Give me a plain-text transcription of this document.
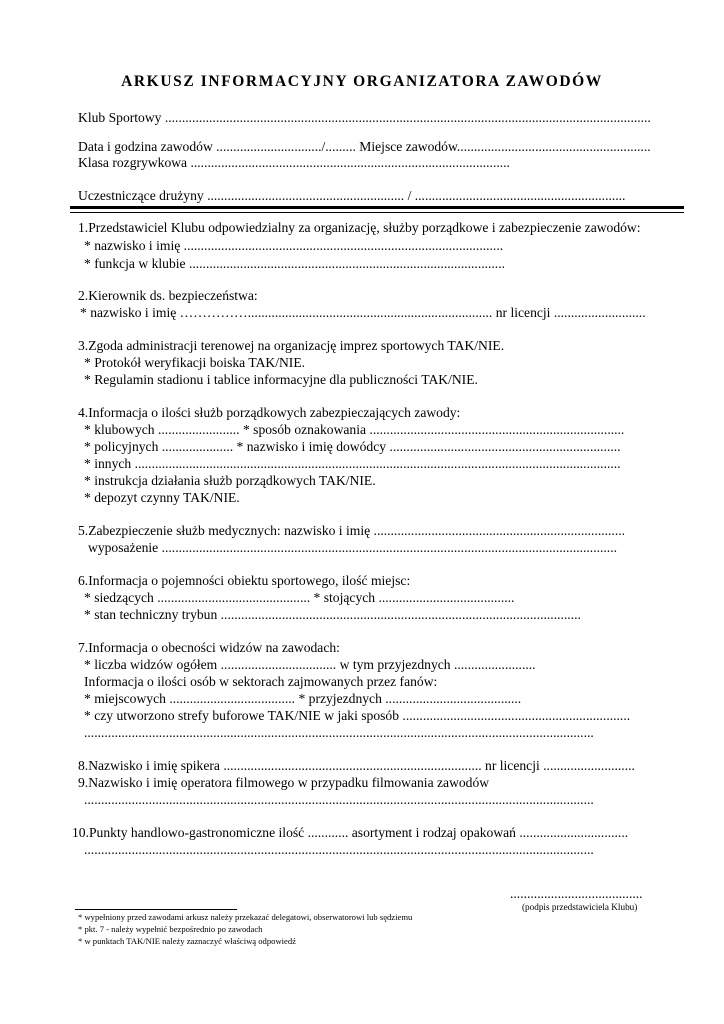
ARKUSZ INFORMACYJNY ORGANIZATORA ZAWODÓW
Klub Sportowy ...............................................................................................................................................
Data i godzina zawodów .............................../......... Miejsce zawodów.........................................................
Klasa rozgrywkowa ..............................................................................................
Uczestniczące drużyny .......................................................... / ..............................................................
1.Przedstawiciel Klubu odpowiedzialny za organizację, służby porządkowe i zabezpieczenie zawodów:
* nazwisko i imię ..............................................................................................
* funkcja w klubie .............................................................................................
2.Kierownik ds. bezpieczeństwa:
* nazwisko i imię ……………........................................................................ nr licencji ...........................
3.Zgoda administracji terenowej na organizację imprez sportowych TAK/NIE.
* Protokół weryfikacji boiska TAK/NIE.
* Regulamin stadionu i tablice informacyjne dla publiczności TAK/NIE.
4.Informacja o ilości służb porządkowych zabezpieczających zawody:
* klubowych ........................ * sposób oznakowania ...........................................................................
* policyjnych ..................... * nazwisko i imię dowódcy ....................................................................
* innych ...............................................................................................................................................
* instrukcja działania służb porządkowych TAK/NIE.
* depozyt czynny TAK/NIE.
5.Zabezpieczenie służb medycznych: nazwisko i imię ..........................................................................
wyposażenie ......................................................................................................................................
6.Informacja o pojemności obiektu sportowego, ilość miejsc:
* siedzących ............................................. * stojących ........................................
* stan techniczny trybun ..........................................................................................................
7.Informacja o obecności widzów na zawodach:
* liczba widzów ogółem .................................. w tym przyjezdnych ........................
Informacja o ilości osób w sektorach zajmowanych przez fanów:
* miejscowych ..................................... * przyjezdnych ........................................
* czy utworzono strefy buforowe TAK/NIE w jaki sposób ...................................................................
......................................................................................................................................................
8.Nazwisko i imię spikera ............................................................................ nr licencji ...........................
9.Nazwisko i imię operatora filmowego w przypadku filmowania zawodów
......................................................................................................................................................
10.Punkty handlowo-gastronomiczne ilość ............ asortyment i rodzaj opakowań ................................
......................................................................................................................................................
.......................................
(podpis przedstawiciela Klubu)
* wypełniony przed zawodami arkusz należy przekazać delegatowi, obserwatorowi lub sędziemu
* pkt. 7 - należy wypełnić bezpośrednio po zawodach
* w punktach TAK/NIE należy zaznaczyć właściwą odpowiedź
